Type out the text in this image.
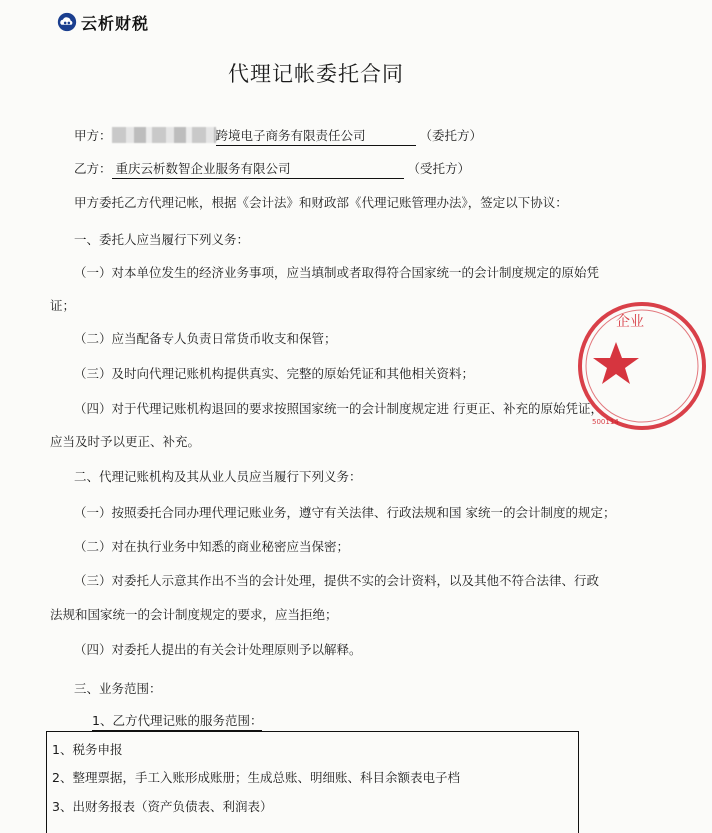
云析财税
代理记帐委托合同
甲方：	跨境电子商务有限责任公司	（委托方）
乙方： 重庆云析数智企业服务有限公司	（受托方）
甲方委托乙方代理记帐，根据《会计法》和财政部《代理记账管理办法》，签定以下协议：
一、委托人应当履行下列义务：
（一）对本单位发生的经济业务事项，应当填制或者取得符合国家统一的会计制度规定的原始凭
证；
（二）应当配备专人负责日常货币收支和保管；
（三）及时向代理记账机构提供真实、完整的原始凭证和其他相关资料；
（四）对于代理记账机构退回的要求按照国家统一的会计制度规定进 行更正、补充的原始凭证，
应当及时予以更正、补充。
二、代理记账机构及其从业人员应当履行下列义务：
（一）按照委托合同办理代理记账业务，遵守有关法律、行政法规和国 家统一的会计制度的规定；
（二）对在执行业务中知悉的商业秘密应当保密；
（三）对委托人示意其作出不当的会计处理，提供不实的会计资料，以及其他不符合法律、行政
法规和国家统一的会计制度规定的要求，应当拒绝；
（四）对委托人提出的有关会计处理原则予以解释。
三、业务范围：
1、乙方代理记账的服务范围：
1、税务申报
2、整理票据，手工入账形成账册；生成总账、明细账、科目余额表电子档
3、出财务报表（资产负债表、利润表）
企业
500114
